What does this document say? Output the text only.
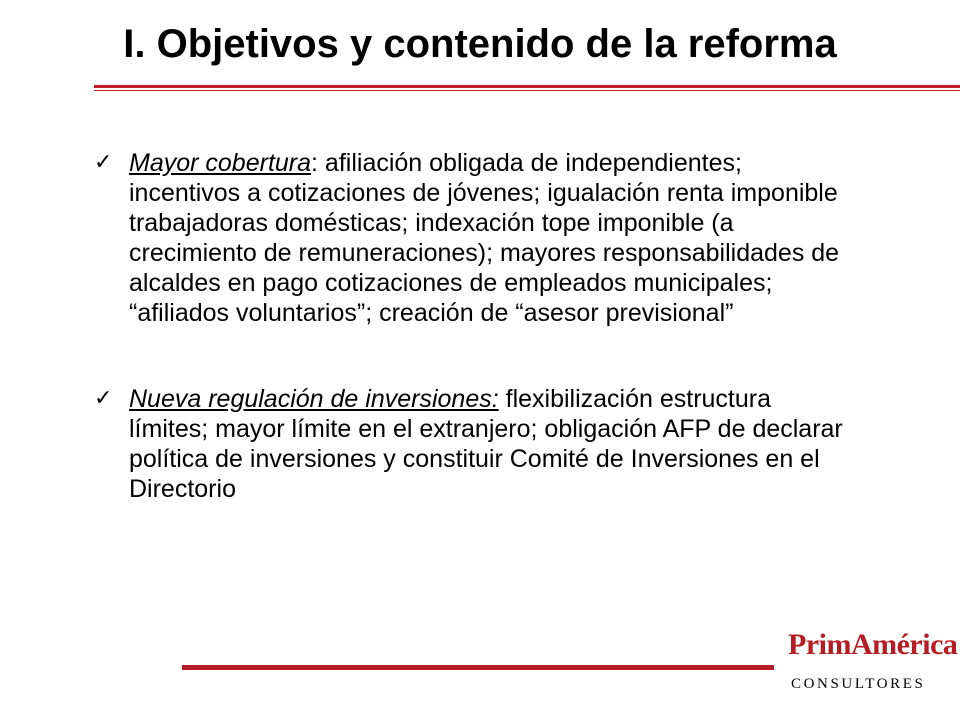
I. Objetivos y contenido de la reforma
✓ Mayor cobertura: afiliación obligada de independientes; incentivos a cotizaciones de jóvenes; igualación renta imponible trabajadoras domésticas; indexación tope imponible (a crecimiento de remuneraciones); mayores responsabilidades de alcaldes en pago cotizaciones de empleados municipales; “afiliados voluntarios”; creación de “asesor previsional”
✓ Nueva regulación de inversiones: flexibilización estructura límites; mayor límite en el extranjero; obligación AFP de declarar política de inversiones y constituir Comité de Inversiones en el Directorio
PrimAmérica
CONSULTORES
